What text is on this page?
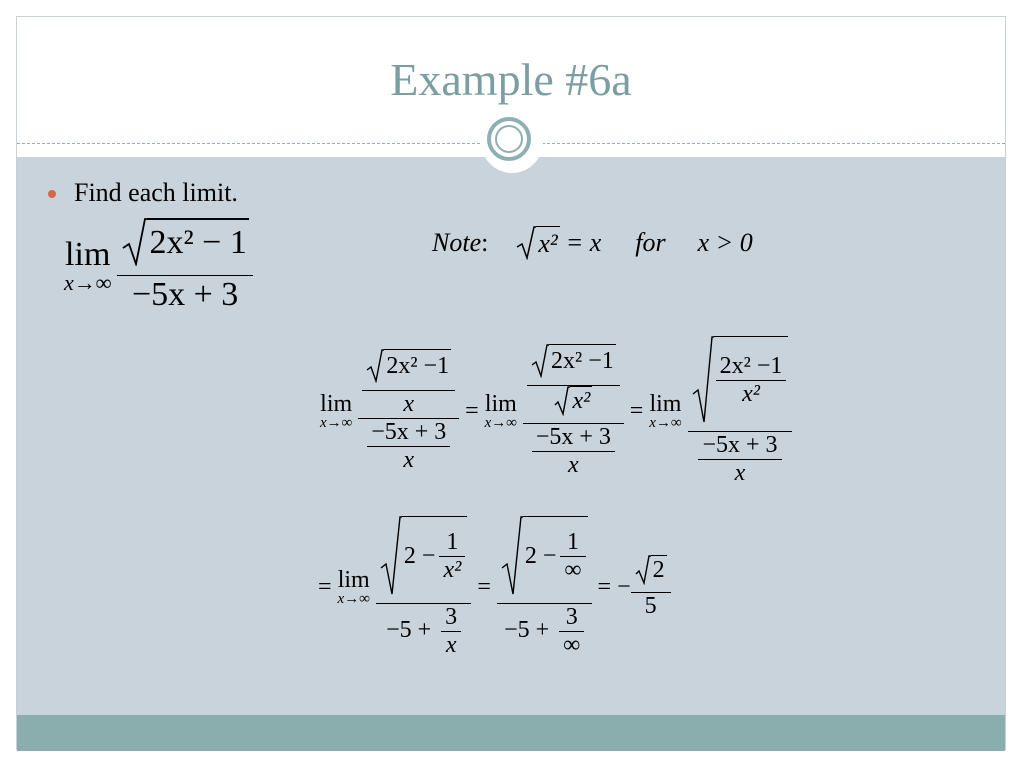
Example #6a
Find each limit.
lim
$x\to\infty \frac{\text{2x² − 1}}{-5x + 3}$	Note : x² = x for x > 0
lim
$x\to\infty \frac{\frac{\text{2x² −1}}{x}}{\frac{-5x + 3}{x}} = \lim$
$x\to\infty \frac{\text{2x² −1}}{\text{x²}}$
$\frac{-5x + 3}{x}$
= lim
$x\to\infty \frac{\frac{\text{2x² −1}}{\text{x²}}}{\frac{-5x + 3}{x}}$
= lim
x→∞
$2 - \frac{1}{\text{x²}}$
$-5 + \frac{3}{x}$
=
$2 - \frac{1}{\infty}$
$-5 + \frac{3}{\infty}$
= − $\frac{2}{5}$
